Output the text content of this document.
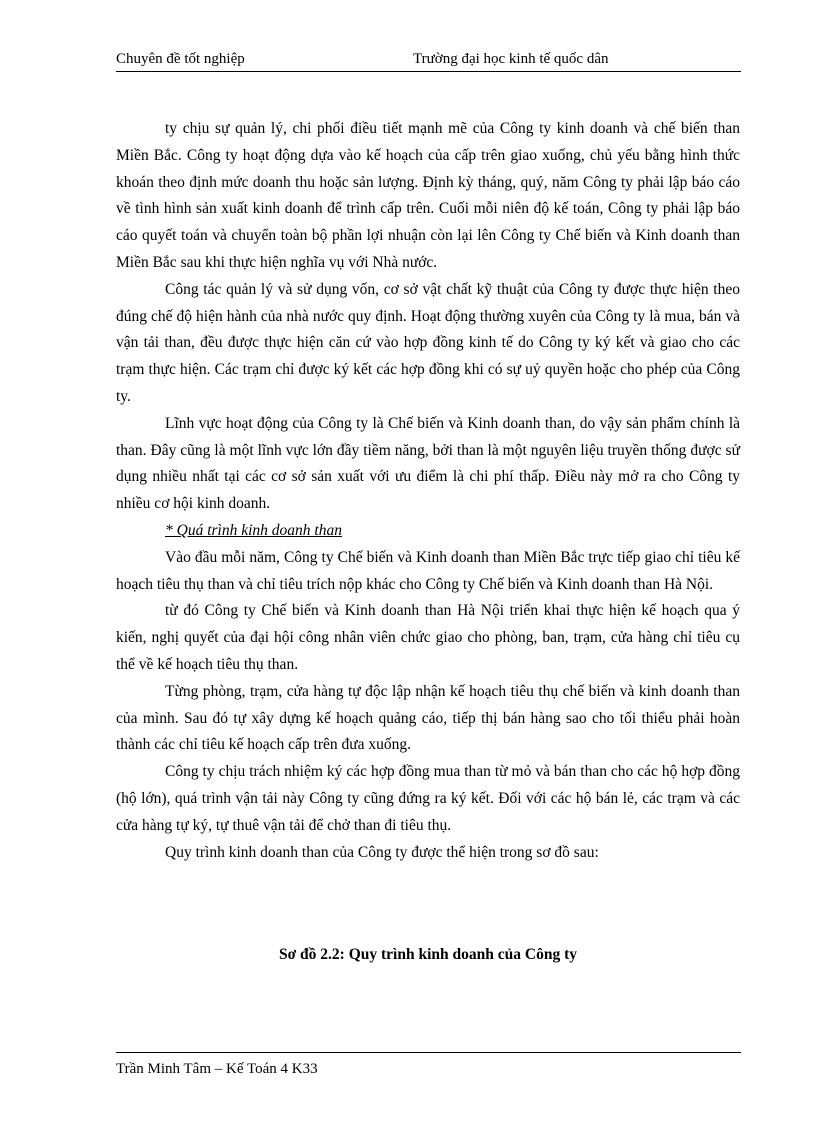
Chuyên đề tốt nghiệp	Trường đại học kinh tế quốc dân

ty chịu sự quản lý, chi phối điều tiết mạnh mẽ của Công ty kinh doanh và chế biến than Miền Bắc. Công ty hoạt động dựa vào kế hoạch của cấp trên giao xuống, chủ yếu bằng hình thức khoán theo định mức doanh thu hoặc sản lượng. Định kỳ tháng, quý, năm Công ty phải lập báo cáo về tình hình sản xuất kinh doanh để trình cấp trên. Cuối mỗi niên độ kế toán, Công ty phải lập báo cáo quyết toán và chuyển toàn bộ phần lợi nhuận còn lại lên Công ty Chế biến và Kinh doanh than Miền Bắc sau khi thực hiện nghĩa vụ với Nhà nước.

Công tác quản lý và sử dụng vốn, cơ sở vật chất kỹ thuật của Công ty được thực hiện theo đúng chế độ hiện hành của nhà nước quy định. Hoạt động thường xuyên của Công ty là mua, bán và vận tải than, đều được thực hiện căn cứ vào hợp đồng kinh tế do Công ty ký kết và giao cho các trạm thực hiện. Các trạm chỉ được ký kết các hợp đồng khi có sự uỷ quyền hoặc cho phép của Công ty.

Lĩnh vực hoạt động của Công ty là Chế biến và Kinh doanh than, do vậy sản phẩm chính là than. Đây cũng là một lĩnh vực lớn đầy tiềm năng, bởi than là một nguyên liệu truyền thống được sử dụng nhiều nhất tại các cơ sở sản xuất với ưu điểm là chi phí thấp. Điều này mở ra cho Công ty nhiều cơ hội kinh doanh.

* Quá trình kinh doanh than

Vào đầu mỗi năm, Công ty Chế biến và Kinh doanh than Miền Bắc trực tiếp giao chỉ tiêu kế hoạch tiêu thụ than và chỉ tiêu trích nộp khác cho Công ty Chế biến và Kinh doanh than Hà Nội.

từ đó Công ty Chế biến và Kinh doanh than Hà Nội triển khai thực hiện kế hoạch qua ý kiến, nghị quyết của đại hội công nhân viên chức giao cho phòng, ban, trạm, cửa hàng chỉ tiêu cụ thể về kế hoạch tiêu thụ than.

Từng phòng, trạm, cửa hàng tự độc lập nhận kế hoạch tiêu thụ chế biến và kinh doanh than của mình. Sau đó tự xây dựng kế hoạch quảng cáo, tiếp thị bán hàng sao cho tối thiểu phải hoàn thành các chỉ tiêu kế hoạch cấp trên đưa xuống.

Công ty chịu trách nhiệm ký các hợp đồng mua than từ mỏ và bán than cho các hộ hợp đồng (hộ lớn), quá trình vận tải này Công ty cũng đứng ra ký kết. Đối với các hộ bán lẻ, các trạm và các cửa hàng tự ký, tự thuê vận tải để chở than đi tiêu thụ.

Quy trình kinh doanh than của Công ty được thể hiện trong sơ đồ sau:

Sơ đồ 2.2: Quy trình kinh doanh của Công ty
Trần Minh Tâm – Kế Toán 4 K33
